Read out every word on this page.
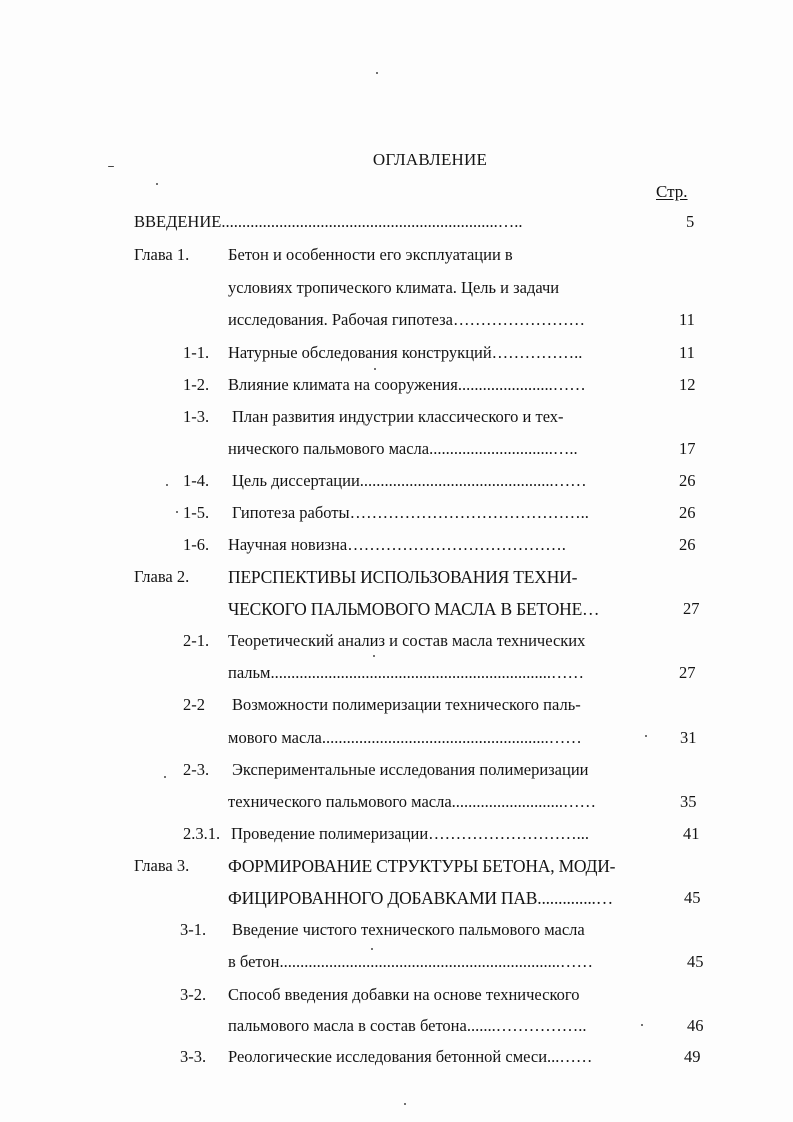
ОГЛАВЛЕНИЕ
Стр.
ВВЕДЕНИЕ...................................................................…..	5
Глава 1. Бетон и особенности его эксплуатации в
условиях тропического климата. Цель и задачи
исследования. Рабочая гипотеза……………………	11
1-1. Натурные обследования конструкций……………..	11
1-2. Влияние климата на сооружения.......................……	12
1-3. План развития индустрии классического и тех-
нического пальмового масла..............................…..	17
1-4. Цель диссертации...............................................……	26
1-5. Гипотеза работы……………………………………..	26
1-6. Научная новизна………………………………….	26
Глава 2. ПЕРСПЕКТИВЫ ИСПОЛЬЗОВАНИЯ ТЕХНИ-
ЧЕСКОГО ПАЛЬМОВОГО МАСЛА В БЕТОНЕ…	27
2-1. Теоретический анализ и состав масла технических
пальм....................................................................……	27
2-2 Возможности полимеризации технического паль-
мового масла.......................................................……	31
2-3. Экспериментальные исследования полимеризации
технического пальмового масла...........................……	35
2.3.1. Проведение полимеризации………………………...	41
Глава 3. ФОРМИРОВАНИЕ СТРУКТУРЫ БЕТОНА, МОДИ-
ФИЦИРОВАННОГО ДОБАВКАМИ ПАВ..............…	45
3-1. Введение чистого технического пальмового масла
в бетон....................................................................……	45
3-2. Способ введения добавки на основе технического
пальмового масла в состав бетона.......……………..	46
3-3. Реологические исследования бетонной смеси...……	49
